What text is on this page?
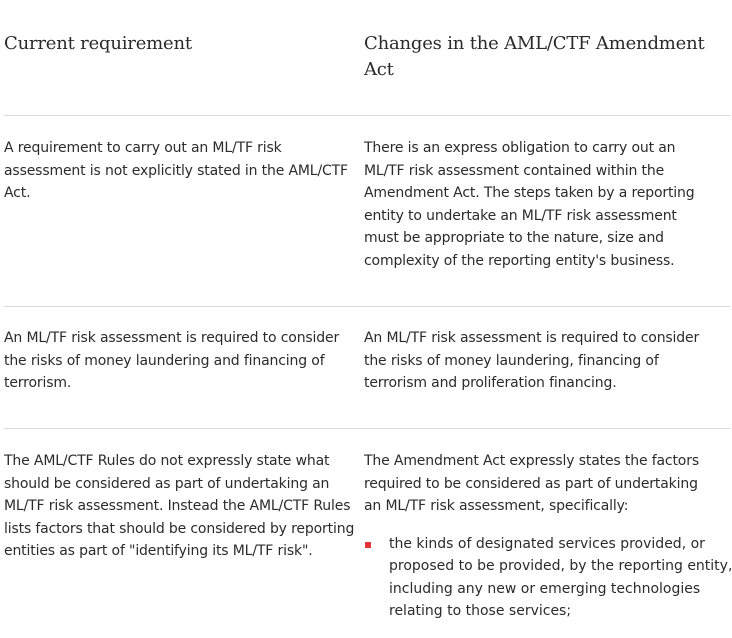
Current requirement	Changes in the AML/CTF Amendment Act
A requirement to carry out an ML/TF risk assessment is not explicitly stated in the AML/CTF Act.
There is an express obligation to carry out an ML/TF risk assessment contained within the Amendment Act. The steps taken by a reporting entity to undertake an ML/TF risk assessment must be appropriate to the nature, size and complexity of the reporting entity's business.
An ML/TF risk assessment is required to consider the risks of money laundering and financing of terrorism.
An ML/TF risk assessment is required to consider the risks of money laundering, financing of terrorism and proliferation financing.
The AML/CTF Rules do not expressly state what should be considered as part of undertaking an ML/TF risk assessment. Instead the AML/CTF Rules lists factors that should be considered by reporting entities as part of "identifying its ML/TF risk".
The Amendment Act expressly states the factors required to be considered as part of undertaking an ML/TF risk assessment, specifically:
the kinds of designated services provided, or proposed to be provided, by the reporting entity, including any new or emerging technologies relating to those services;
